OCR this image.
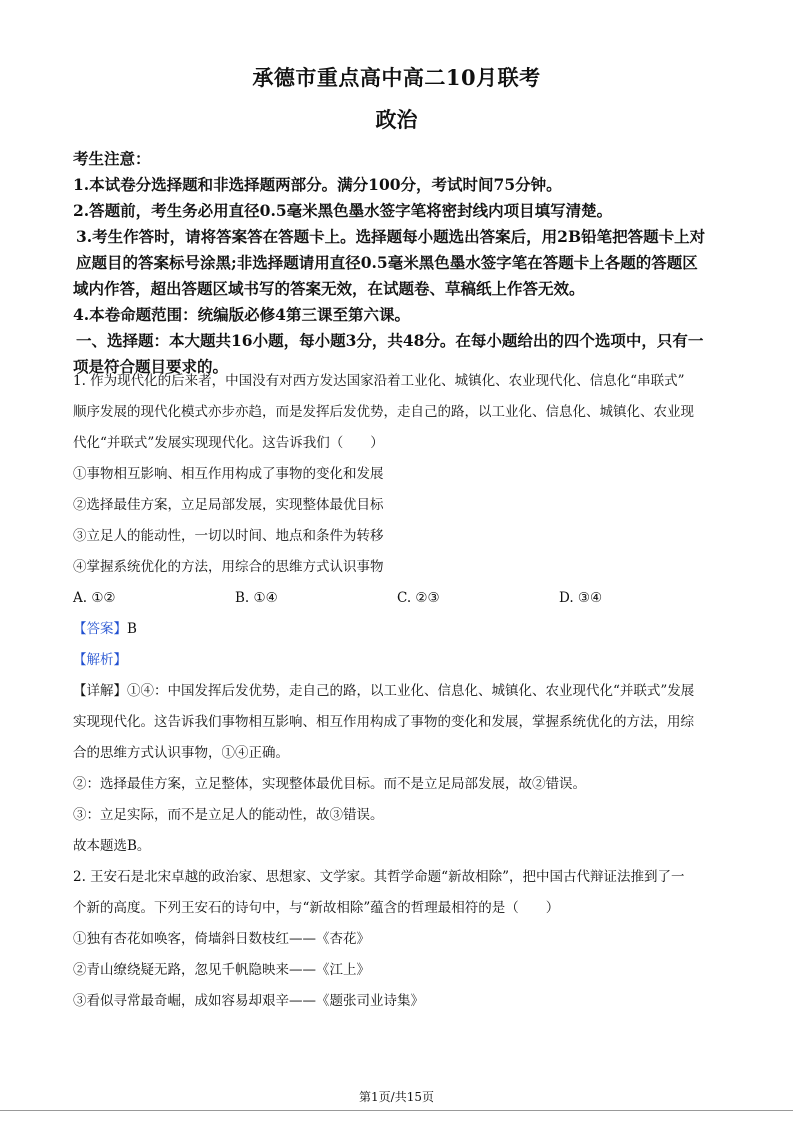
承德市重点高中高二10月联考
政治
考生注意：
1.本试卷分选择题和非选择题两部分。满分100分，考试时间75分钟。
2.答题前，考生务必用直径0.5毫米黑色墨水签字笔将密封线内项目填写清楚。
3.考生作答时，请将答案答在答题卡上。选择题每小题选出答案后，用2B铅笔把答题卡上对
应题目的答案标号涂黑;非选择题请用直径0.5毫米黑色墨水签字笔在答题卡上各题的答题区
域内作答，超出答题区域书写的答案无效，在试题卷、草稿纸上作答无效。
4.本卷命题范围：统编版必修4第三课至第六课。
一、选择题：本大题共16小题，每小题3分，共48分。在每小题给出的四个选项中，只有一
项是符合题目要求的。
1. 作为现代化的后来者，中国没有对西方发达国家沿着工业化、城镇化、农业现代化、信息化“串联式”
顺序发展的现代化模式亦步亦趋，而是发挥后发优势，走自己的路，以工业化、信息化、城镇化、农业现
代化“并联式”发展实现现代化。这告诉我们（　　）
①事物相互影响、相互作用构成了事物的变化和发展
②选择最佳方案，立足局部发展，实现整体最优目标
③立足人的能动性，一切以时间、地点和条件为转移
④掌握系统优化的方法，用综合的思维方式认识事物
A. ①②	B. ①④	C. ②③	D. ③④
【答案】B
【解析】
【详解】①④：中国发挥后发优势，走自己的路，以工业化、信息化、城镇化、农业现代化“并联式”发展
实现现代化。这告诉我们事物相互影响、相互作用构成了事物的变化和发展，掌握系统优化的方法，用综
合的思维方式认识事物，①④正确。
②：选择最佳方案，立足整体，实现整体最优目标。而不是立足局部发展，故②错误。
③：立足实际，而不是立足人的能动性，故③错误。
故本题选B。
2. 王安石是北宋卓越的政治家、思想家、文学家。其哲学命题“新故相除”，把中国古代辩证法推到了一
个新的高度。下列王安石的诗句中，与“新故相除”蕴含的哲理最相符的是（　　）
①独有杏花如唤客，倚墙斜日数枝红——《杏花》
②青山缭绕疑无路，忽见千帆隐映来——《江上》
③看似寻常最奇崛，成如容易却艰辛——《题张司业诗集》
第1页/共15页
